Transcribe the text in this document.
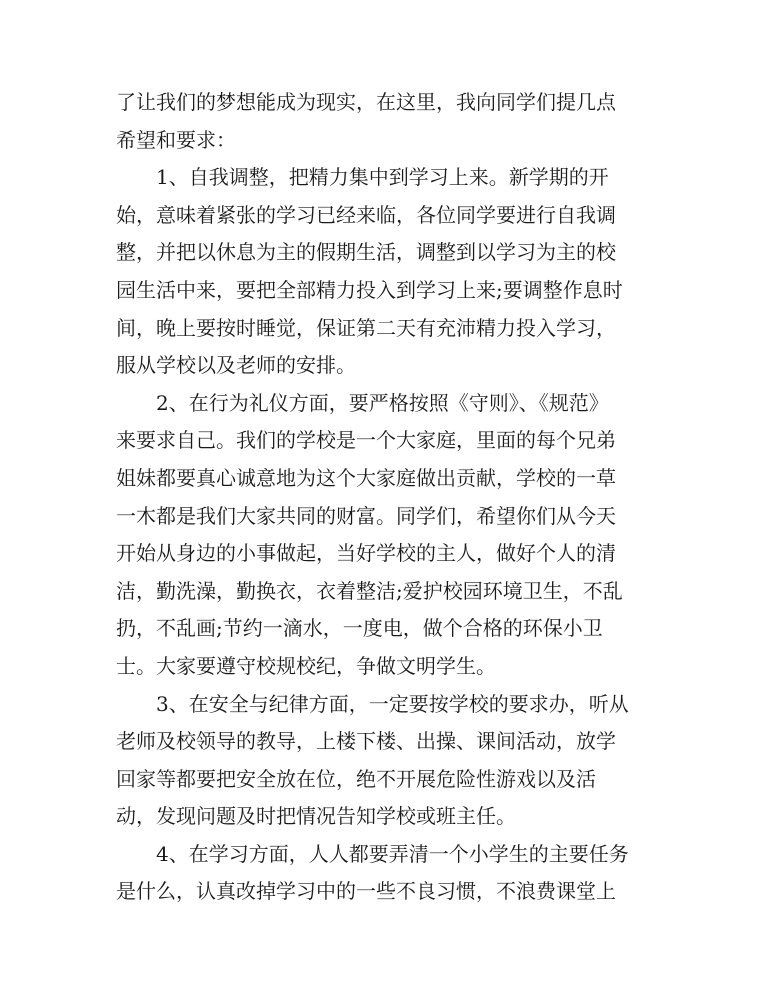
了让我们的梦想能成为现实，在这里，我向同学们提几点
希望和要求：
1、自我调整，把精力集中到学习上来。新学期的开
始，意味着紧张的学习已经来临，各位同学要进行自我调
整，并把以休息为主的假期生活，调整到以学习为主的校
园生活中来，要把全部精力投入到学习上来;要调整作息时
间，晚上要按时睡觉，保证第二天有充沛精力投入学习，
服从学校以及老师的安排。
2、在行为礼仪方面，要严格按照《守则》、《规范》
来要求自己。我们的学校是一个大家庭，里面的每个兄弟
姐妹都要真心诚意地为这个大家庭做出贡献，学校的一草
一木都是我们大家共同的财富。同学们，希望你们从今天
开始从身边的小事做起，当好学校的主人，做好个人的清
洁，勤洗澡，勤换衣，衣着整洁;爱护校园环境卫生，不乱
扔，不乱画;节约一滴水，一度电，做个合格的环保小卫
士。大家要遵守校规校纪，争做文明学生。
3、在安全与纪律方面，一定要按学校的要求办，听从
老师及校领导的教导，上楼下楼、出操、课间活动，放学
回家等都要把安全放在位，绝不开展危险性游戏以及活
动，发现问题及时把情况告知学校或班主任。
4、在学习方面，人人都要弄清一个小学生的主要任务
是什么，认真改掉学习中的一些不良习惯，不浪费课堂上
